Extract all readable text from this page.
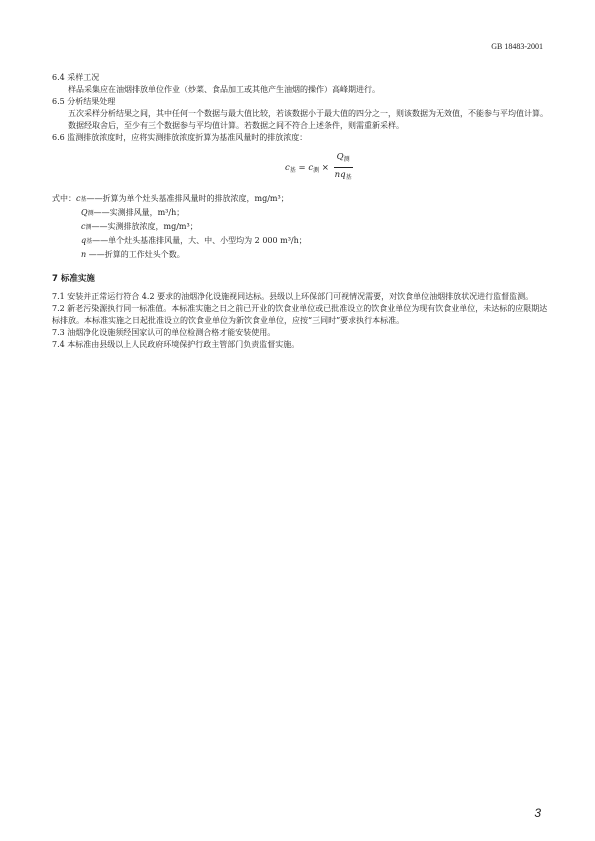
GB 18483-2001

6.4 采样工况

样品采集应在油烟排放单位作业（炒菜、食品加工或其他产生油烟的操作）高峰期进行。

6.5 分析结果处理

五次采样分析结果之间，其中任何一个数据与最大值比较，若该数据小于最大值的四分之一，则该数据为无效值，不能参与平均值计算。数据经取舍后，至少有三个数据参与平均值计算。若数据之间不符合上述条件，则需重新采样。

6.6 监测排放浓度时，应将实测排放浓度折算为基准风量时的排放浓度：

$c_基 = c_测 \times \frac{Q_测}{nq_基}$
式中：c基——折算为单个灶头基准排风量时的排放浓度，mg/m³；
Q测——实测排风量，m³/h；
c测——实测排放浓度，mg/m³；
q基——单个灶头基准排风量，大、中、小型均为 2 000 m³/h；
n ——折算的工作灶头个数。
7 标准实施

7.1 安装并正常运行符合 4.2 要求的油烟净化设施视同达标。县级以上环保部门可视情况需要，对饮食单位油烟排放状况进行监督监测。

7.2 新老污染源执行同一标准值。本标准实施之日之前已开业的饮食业单位或已批准设立的饮食业单位为现有饮食业单位，未达标的应限期达标排放。本标准实施之日起批准设立的饮食业单位为新饮食业单位，应按“三同时”要求执行本标准。

7.3 油烟净化设施须经国家认可的单位检测合格才能安装使用。

7.4 本标准由县级以上人民政府环境保护行政主管部门负责监督实施。

3
